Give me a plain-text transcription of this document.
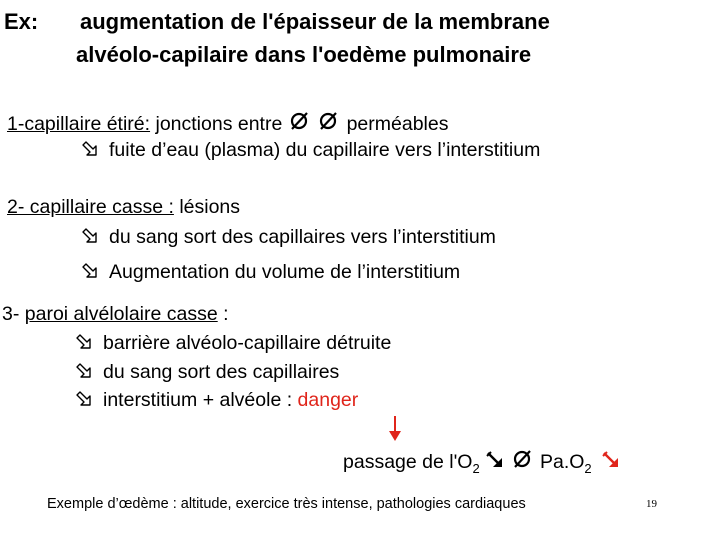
Ex: augmentation de l'épaisseur de la membrane
alvéolo-capilaire dans l'oedème pulmonaire
1-capillaire étiré: jonctions entre	perméables
fuite d’eau (plasma) du capillaire vers l’interstitium
2- capillaire casse : lésions
du sang sort des capillaires vers l’interstitium
Augmentation du volume de l’interstitium
3- paroi alvélolaire casse :
barrière alvéolo-capillaire détruite
du sang sort des capillaires
interstitium + alvéole : danger
passage de $l'O_2$	$Pa.O_2$
Exemple d’œdème : altitude, exercice très intense, pathologies cardiaques	19
